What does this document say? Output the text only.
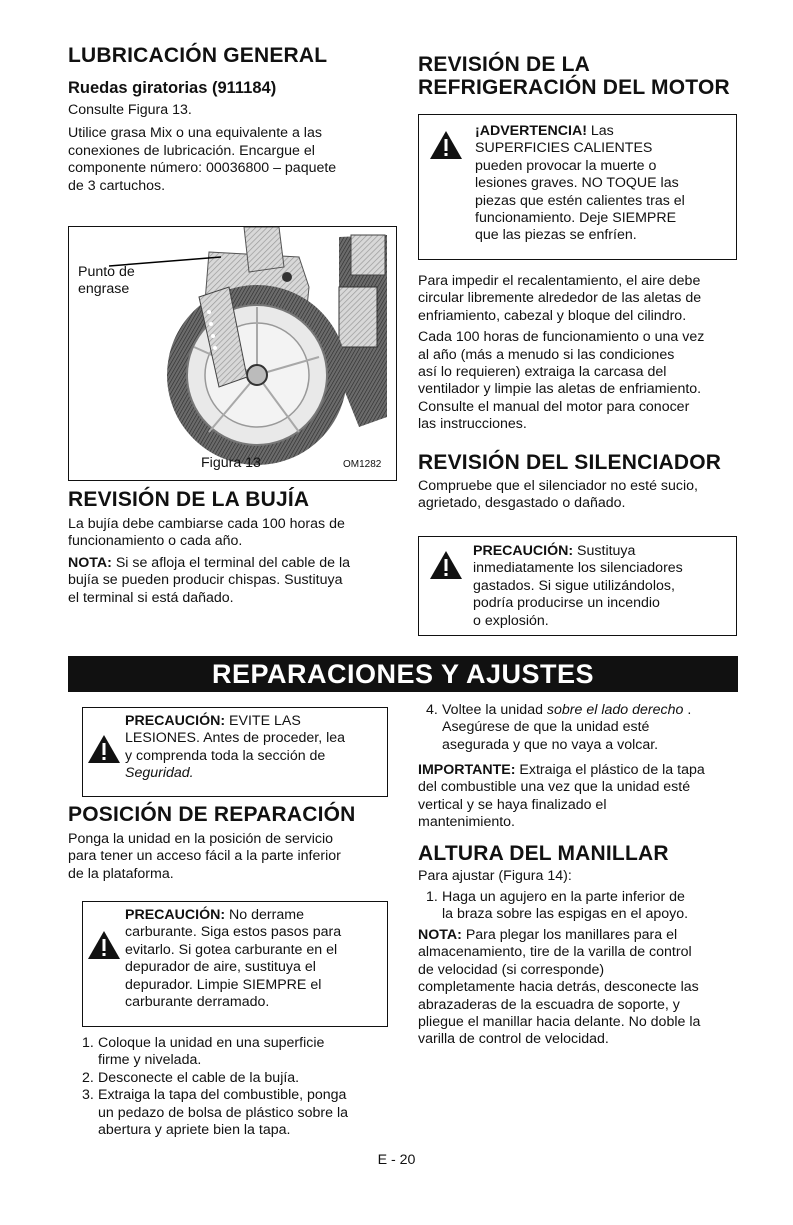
LUBRICACIÓN GENERAL
Ruedas giratorias (911184)

Consulte Figura 13.

Utilice grasa Mix o una equivalente a las

conexiones de lubricación. Encargue el

componente número: 00036800 – paquete

de 3 cartuchos.

Punto de
engrase
Figura 13	OM1282
REVISIÓN DE LA BUJÍA

La bujía debe cambiarse cada 100 horas de

funcionamiento o cada año.

NOTA: Si se afloja el terminal del cable de la

bujía se pueden producir chispas. Sustituya

el terminal si está dañado.

REVISIÓN DE LA
REFRIGERACIÓN DEL MOTOR
¡ADVERTENCIA! Las
SUPERFICIES CALIENTES
pueden provocar la muerte o
lesiones graves. NO TOQUE las
piezas que estén calientes tras el
funcionamiento. Deje SIEMPRE
que las piezas se enfríen.

Para impedir el recalentamiento, el aire debe

circular libremente alrededor de las aletas de

enfriamiento, cabezal y bloque del cilindro.

Cada 100 horas de funcionamiento o una vez

al año (más a menudo si las condiciones

así lo requieren) extraiga la carcasa del

ventilador y limpie las aletas de enfriamiento.

Consulte el manual del motor para conocer

las instrucciones.

REVISIÓN DEL SILENCIADOR

Compruebe que el silenciador no esté sucio,

agrietado, desgastado o dañado.

PRECAUCIÓN: Sustituya
inmediatamente los silenciadores
gastados. Si sigue utilizándolos,
podría producirse un incendio
o explosión.
REPARACIONES Y AJUSTES
PRECAUCIÓN: EVITE LAS
LESIONES. Antes de proceder, lea
y comprenda toda la sección de
Seguridad.
POSICIÓN DE REPARACIÓN

Ponga la unidad en la posición de servicio

para tener un acceso fácil a la parte inferior

de la plataforma.

PRECAUCIÓN: No derrame
carburante. Siga estos pasos para
evitarlo. Si gotea carburante en el
depurador de aire, sustituya el
depurador. Limpie SIEMPRE el
carburante derramado.
1. Coloque la unidad en una superficie
firme y nivelada.
2. Desconecte el cable de la bujía.
3. Extraiga la tapa del combustible, ponga
un pedazo de bolsa de plástico sobre la
abertura y apriete bien la tapa.
4. Voltee la unidad sobre el lado derecho .
Asegúrese de que la unidad esté
asegurada y que no vaya a volcar.

IMPORTANTE: Extraiga el plástico de la tapa

del combustible una vez que la unidad esté

vertical y se haya finalizado el

mantenimiento.

ALTURA DEL MANILLAR

Para ajustar (Figura 14):

1. Haga un agujero en la parte inferior de
la braza sobre las espigas en el apoyo.

NOTA: Para plegar los manillares para el

almacenamiento, tire de la varilla de control

de velocidad (si corresponde)

completamente hacia detrás, desconecte las

abrazaderas de la escuadra de soporte, y

pliegue el manillar hacia delante. No doble la

varilla de control de velocidad.

E - 20
